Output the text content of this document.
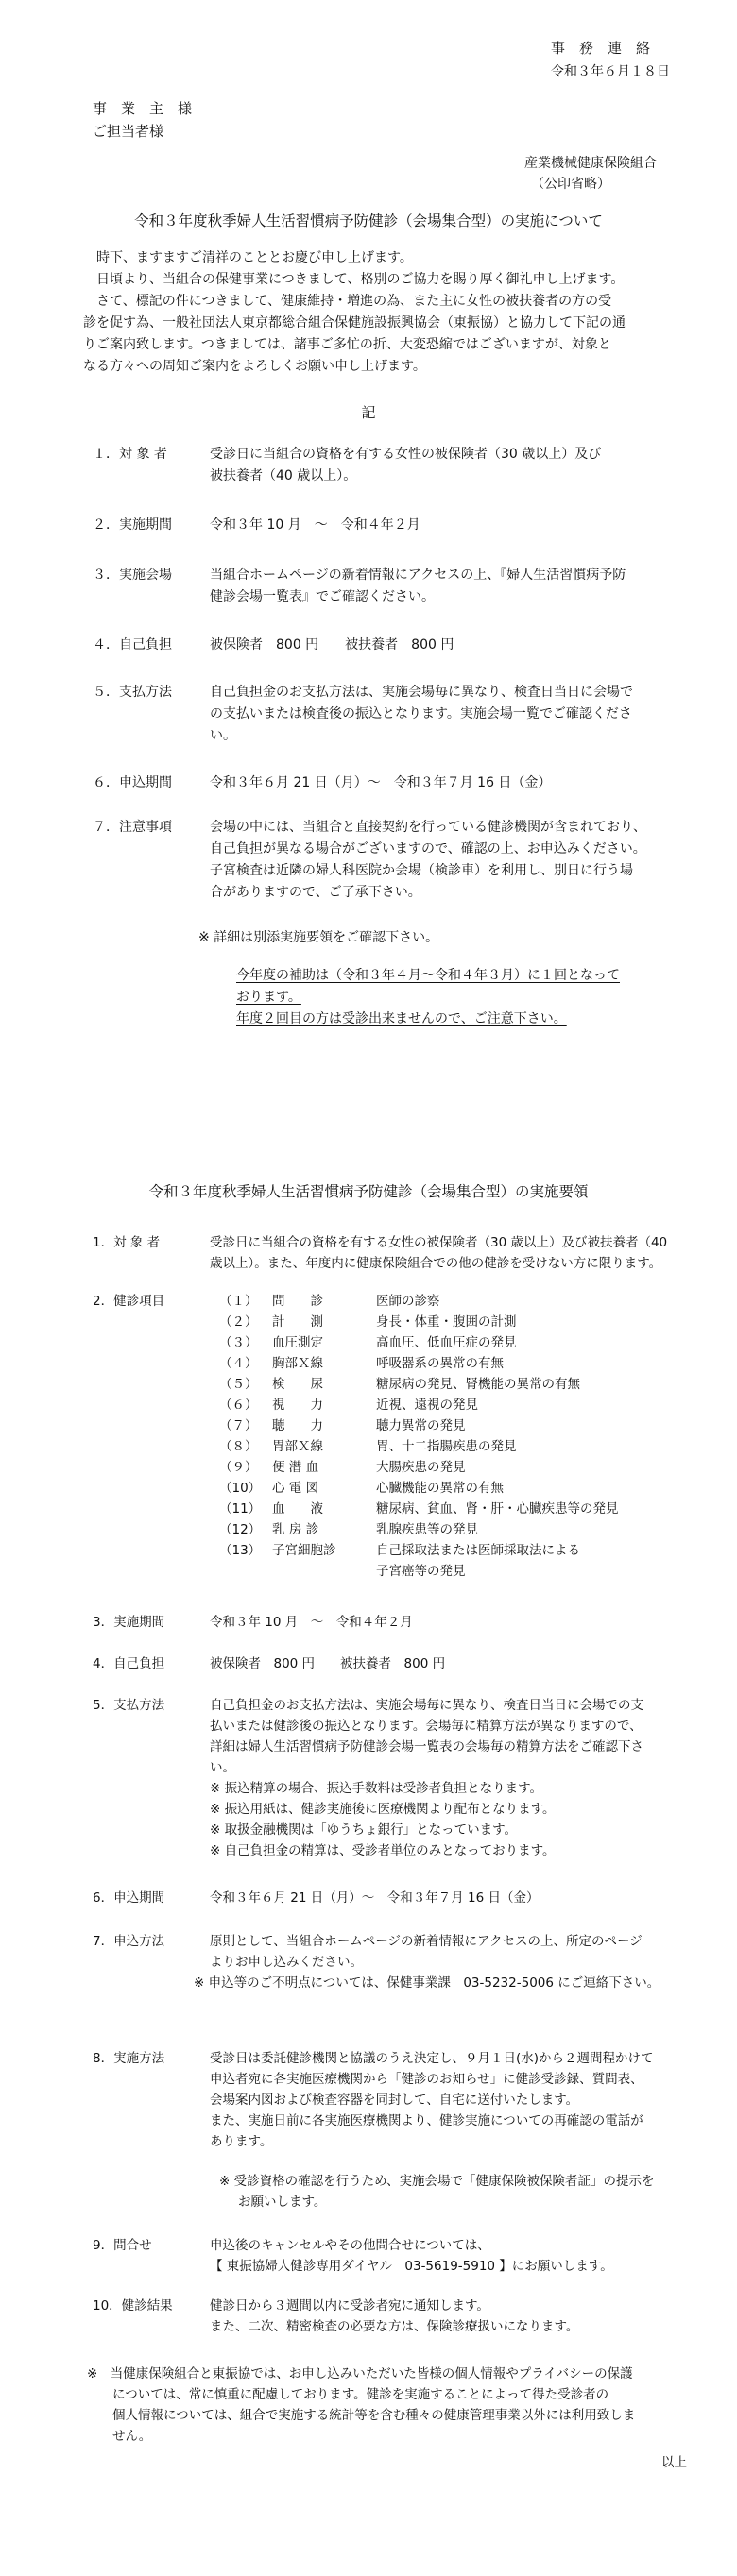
事　務　連　絡
令和３年６月１８日
事　業　主　様
ご担当者様
産業機械健康保険組合
（公印省略）
令和３年度秋季婦人生活習慣病予防健診（会場集合型）の実施について
　時下、ますますご清祥のこととお慶び申し上げます。
　日頃より、当組合の保健事業につきまして、格別のご協力を賜り厚く御礼申し上げます。
　さて、標記の件につきまして、健康維持・増進の為、また主に女性の被扶養者の方の受
診を促す為、一般社団法人東京都総合組合保健施設振興協会（東振協）と協力して下記の通
りご案内致します。つきましては、諸事ご多忙の折、大変恐縮ではございますが、対象と
なる方々への周知ご案内をよろしくお願い申し上げます。
記
１．対 象 者	受診日に当組合の資格を有する女性の被保険者（30 歳以上）及び
被扶養者（40 歳以上）。
２．実施期間	令和３年 10 月　～　令和４年２月
３．実施会場	当組合ホームページの新着情報にアクセスの上、『婦人生活習慣病予防
健診会場一覧表』でご確認ください。
４．自己負担	被保険者　800 円　　被扶養者　800 円
５．支払方法	自己負担金のお支払方法は、実施会場毎に異なり、検査日当日に会場で
の支払いまたは検査後の振込となります。実施会場一覧でご確認くださ
い。
６．申込期間	令和３年６月 21 日（月）～　令和３年７月 16 日（金）
７．注意事項	会場の中には、当組合と直接契約を行っている健診機関が含まれており、
自己負担が異なる場合がございますので、確認の上、お申込みください。
子宮検査は近隣の婦人科医院か会場（検診車）を利用し、別日に行う場
合がありますので、ご了承下さい。
※ 詳細は別添実施要領をご確認下さい。
今年度の補助は（令和３年４月～令和４年３月）に１回となって
おります。
年度２回目の方は受診出来ませんので、ご注意下さい。
令和３年度秋季婦人生活習慣病予防健診（会場集合型）の実施要領
1．対 象 者	受診日に当組合の資格を有する女性の被保険者（30 歳以上）及び被扶養者（40
歳以上）。また、年度内に健康保険組合での他の健診を受けない方に限ります。
2．健診項目	（１） 問　　診	医師の診察
（２） 計　　測	身長・体重・腹囲の計測
（３） 血圧測定	高血圧、低血圧症の発見
（４） 胸部Ｘ線	呼吸器系の異常の有無
（５） 検　　尿	糖尿病の発見、腎機能の異常の有無
（６） 視　　力	近視、遠視の発見
（７） 聴　　力	聴力異常の発見
（８） 胃部Ｘ線	胃、十二指腸疾患の発見
（９） 便 潜 血	大腸疾患の発見
（10） 心 電 図	心臓機能の異常の有無
（11） 血　　液	糖尿病、貧血、肾・肝・心臓疾患等の発見
（12） 乳 房 診	乳腺疾患等の発見
（13） 子宮細胞診	自己採取法または医師採取法による
子宮癌等の発見
3．実施期間	令和３年 10 月　～　令和４年２月
4．自己負担	被保険者　800 円　　被扶養者　800 円
5．支払方法	自己負担金のお支払方法は、実施会場毎に異なり、検査日当日に会場での支
払いまたは健診後の振込となります。会場毎に精算方法が異なりますので、
詳細は婦人生活習慣病予防健診会場一覧表の会場毎の精算方法をご確認下さ
い。
※ 振込精算の場合、振込手数料は受診者負担となります。
※ 振込用紙は、健診実施後に医療機関より配布となります。
※ 取扱金融機関は「ゆうちょ銀行」となっています。
※ 自己負担金の精算は、受診者単位のみとなっております。
6．申込期間	令和３年６月 21 日（月）～　令和３年７月 16 日（金）
7．申込方法	原則として、当組合ホームページの新着情報にアクセスの上、所定のページ
よりお申し込みください。
※ 申込等のご不明点については、保健事業課　03-5232-5006 にご連絡下さい。
8．実施方法	受診日は委託健診機関と協議のうえ決定し、９月１日(水)から２週間程かけて
申込者宛に各実施医療機関から「健診のお知らせ」に健診受診録、質問表、
会場案内図および検査容器を同封して、自宅に送付いたします。
また、実施日前に各実施医療機関より、健診実施についての再確認の電話が
あります。
※ 受診資格の確認を行うため、実施会場で「健康保険被保険者証」の提示を
お願いします。
9．問合せ	申込後のキャンセルやその他問合せについては、
【 東振協婦人健診専用ダイヤル　03-5619-5910 】にお願いします。
10．健診結果	健診日から３週間以内に受診者宛に通知します。
また、二次、精密検査の必要な方は、保険診療扱いになります。
※　当健康保険組合と東振協では、お申し込みいただいた皆様の個人情報やプライバシーの保護
　　については、常に慎重に配慮しております。健診を実施することによって得た受診者の
　　個人情報については、組合で実施する統計等を含む種々の健康管理事業以外には利用致しま
　　せん。
以上
